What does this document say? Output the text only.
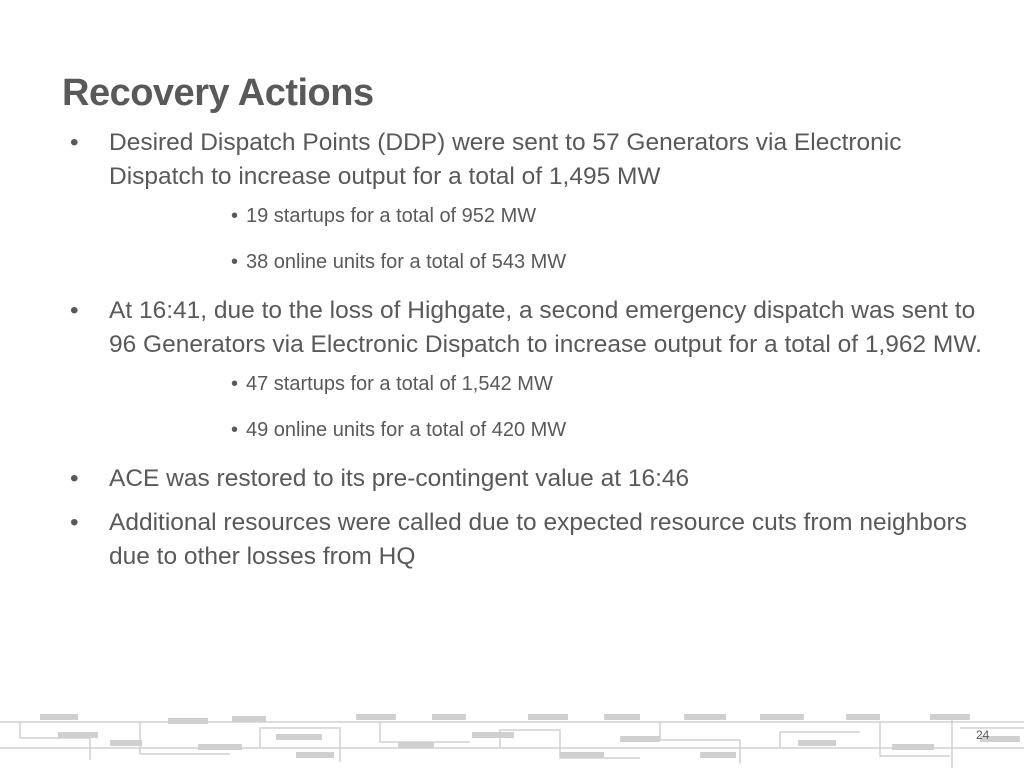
Recovery Actions
• Desired Dispatch Points (DDP) were sent to 57 Generators via Electronic Dispatch to increase output for a total of 1,495 MW
• 19 startups for a total of 952 MW
• 38 online units for a total of 543 MW
• At 16:41, due to the loss of Highgate, a second emergency dispatch was sent to 96 Generators via Electronic Dispatch to increase output for a total of 1,962 MW.
• 47 startups for a total of 1,542 MW
• 49 online units for a total of 420 MW
• ACE was restored to its pre-contingent value at 16:46
• Additional resources were called due to expected resource cuts from neighbors due to other losses from HQ
24
